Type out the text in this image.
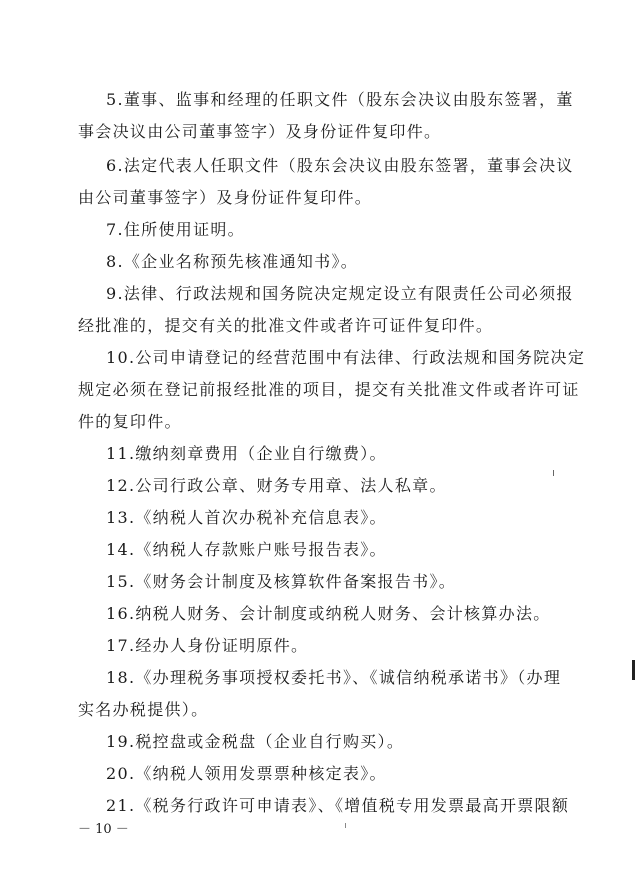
5.董事、监事和经理的任职文件（股东会决议由股东签署，董
事会决议由公司董事签字）及身份证件复印件。
6.法定代表人任职文件（股东会决议由股东签署，董事会决议
由公司董事签字）及身份证件复印件。
7.住所使用证明。
8.《企业名称预先核准通知书》。
9.法律、行政法规和国务院决定规定设立有限责任公司必须报
经批准的，提交有关的批准文件或者许可证件复印件。
10.公司申请登记的经营范围中有法律、行政法规和国务院决定
规定必须在登记前报经批准的项目，提交有关批准文件或者许可证
件的复印件。
11.缴纳刻章费用（企业自行缴费）。
12.公司行政公章、财务专用章、法人私章。
13.《纳税人首次办税补充信息表》。
14.《纳税人存款账户账号报告表》。
15.《财务会计制度及核算软件备案报告书》。
16.纳税人财务、会计制度或纳税人财务、会计核算办法。
17.经办人身份证明原件。
18.《办理税务事项授权委托书》、《诚信纳税承诺书》（办理
实名办税提供）。
19.税控盘或金税盘（企业自行购买）。
20.《纳税人领用发票票种核定表》。
21.《税务行政许可申请表》、《增值税专用发票最高开票限额
－ 10 －
